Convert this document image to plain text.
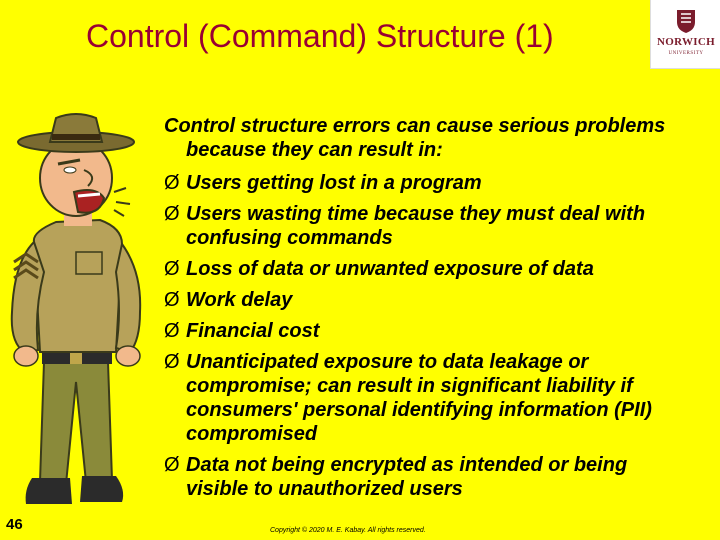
Control (Command) Structure (1)	NORWICH
UNIVERSITY
Control structure errors can cause serious problems because they can result in:
Ø Users getting lost in a program
Ø Users wasting time because they must deal with confusing commands
Ø Loss of data or unwanted exposure of data
Ø Work delay
Ø Financial cost
Ø Unanticipated exposure to data leakage or compromise; can result in significant liability if consumers' personal identifying information (PII) compromised
Ø Data not being encrypted as intended or being visible to unauthorized users
46	Copyright © 2020 M. E. Kabay. All rights reserved.
